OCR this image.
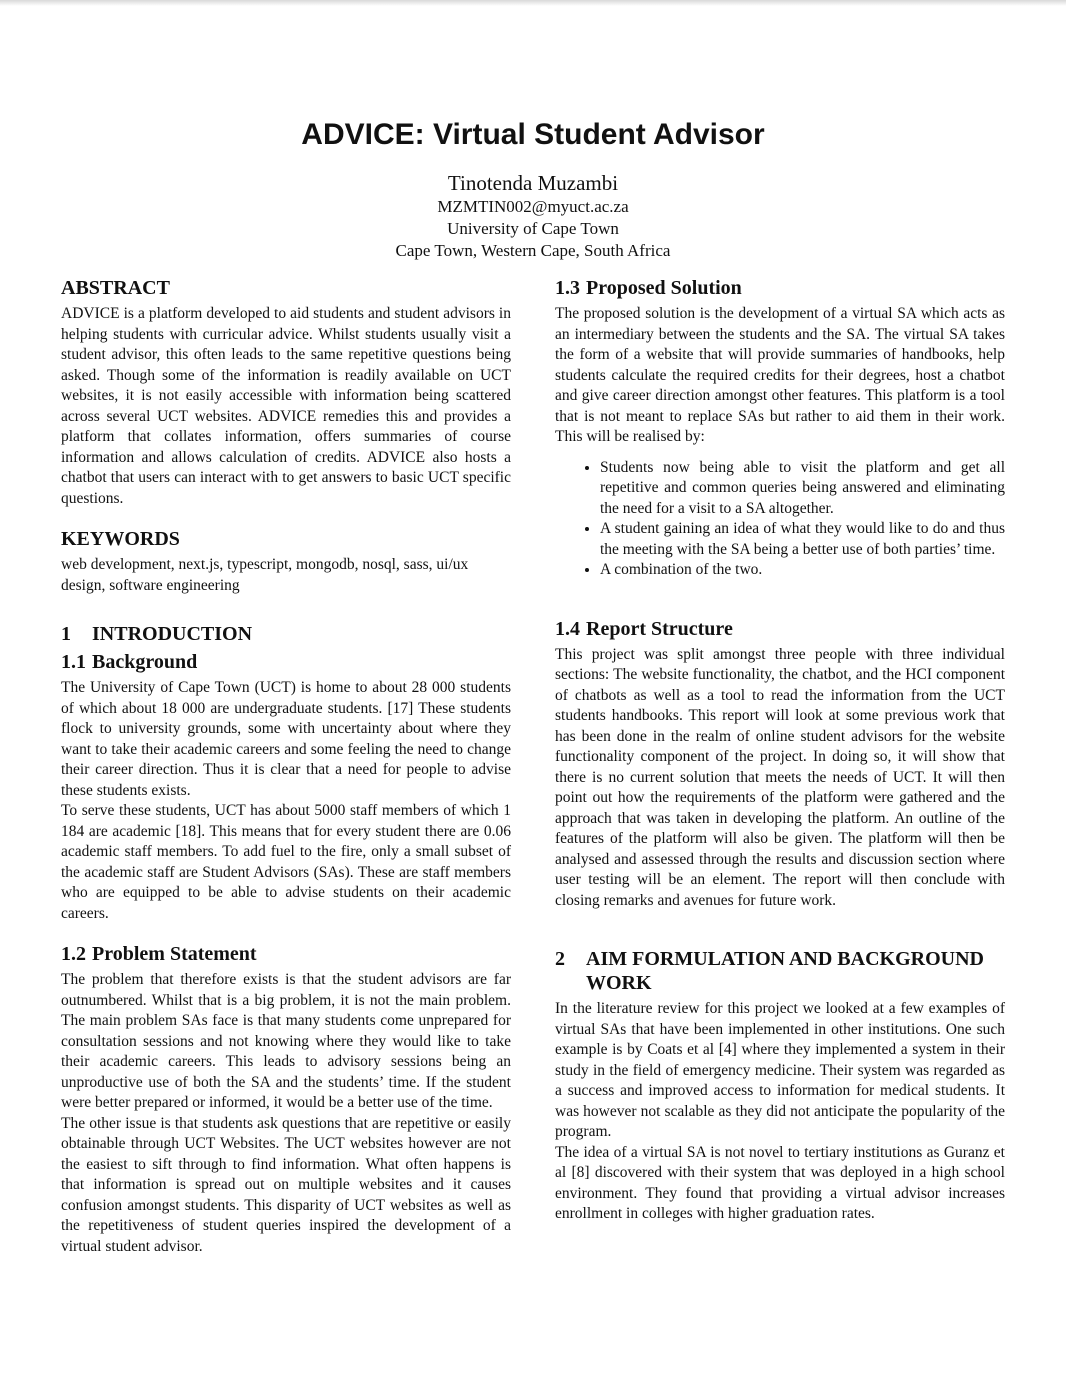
ADVICE: Virtual Student Advisor
Tinotenda Muzambi
MZMTIN002@myuct.ac.za
University of Cape Town
Cape Town, Western Cape, South Africa
ABSTRACT

ADVICE is a platform developed to aid students and student advisors in helping students with curricular advice. Whilst students usually visit a student advisor, this often leads to the same repetitive questions being asked. Though some of the information is readily available on UCT websites, it is not easily accessible with information being scattered across several UCT websites. ADVICE remedies this and provides a platform that collates information, offers summaries of course information and allows calculation of credits. ADVICE also hosts a chatbot that users can interact with to get answers to basic UCT specific questions.

KEYWORDS

web development, next.js, typescript, mongodb, nosql, sass, ui/ux design, software engineering

1	INTRODUCTION
1.1 Background

The University of Cape Town (UCT) is home to about 28 000 students of which about 18 000 are undergraduate students. [17] These students flock to university grounds, some with uncertainty about where they want to take their academic careers and some feeling the need to change their career direction. Thus it is clear that a need for people to advise these students exists.

To serve these students, UCT has about 5000 staff members of which 1 184 are academic [18]. This means that for every student there are 0.06 academic staff members. To add fuel to the fire, only a small subset of the academic staff are Student Advisors (SAs). These are staff members who are equipped to be able to advise students on their academic careers.

1.2 Problem Statement

The problem that therefore exists is that the student advisors are far outnumbered. Whilst that is a big problem, it is not the main problem. The main problem SAs face is that many students come unprepared for consultation sessions and not knowing where they would like to take their academic careers. This leads to advisory sessions being an unproductive use of both the SA and the students’ time. If the student were better prepared or informed, it would be a better use of the time.

The other issue is that students ask questions that are repetitive or easily obtainable through UCT Websites. The UCT websites however are not the easiest to sift through to find information. What often happens is that information is spread out on multiple websites and it causes confusion amongst students. This disparity of UCT websites as well as the repetitiveness of student queries inspired the development of a virtual student advisor.

1.3 Proposed Solution

The proposed solution is the development of a virtual SA which acts as an intermediary between the students and the SA. The virtual SA takes the form of a website that will provide summaries of handbooks, help students calculate the required credits for their degrees, host a chatbot and give career direction amongst other features. This platform is a tool that is not meant to replace SAs but rather to aid them in their work. This will be realised by:

• Students now being able to visit the platform and get all repetitive and common queries being answered and eliminating the need for a visit to a SA altogether.
• A student gaining an idea of what they would like to do and thus the meeting with the SA being a better use of both parties’ time.
• A combination of the two.
1.4 Report Structure

This project was split amongst three people with three individual sections: The website functionality, the chatbot, and the HCI component of chatbots as well as a tool to read the information from the UCT students handbooks. This report will look at some previous work that has been done in the realm of online student advisors for the website functionality component of the project. In doing so, it will show that there is no current solution that meets the needs of UCT. It will then point out how the requirements of the platform were gathered and the approach that was taken in developing the platform. An outline of the features of the platform will also be given. The platform will then be analysed and assessed through the results and discussion section where user testing will be an element. The report will then conclude with closing remarks and avenues for future work.

2	AIM FORMULATION AND BACKGROUND WORK

In the literature review for this project we looked at a few examples of virtual SAs that have been implemented in other institutions. One such example is by Coats et al [4] where they implemented a system in their study in the field of emergency medicine. Their system was regarded as a success and improved access to information for medical students. It was however not scalable as they did not anticipate the popularity of the program.

The idea of a virtual SA is not novel to tertiary institutions as Guranz et al [8] discovered with their system that was deployed in a high school environment. They found that providing a virtual advisor increases enrollment in colleges with higher graduation rates.
